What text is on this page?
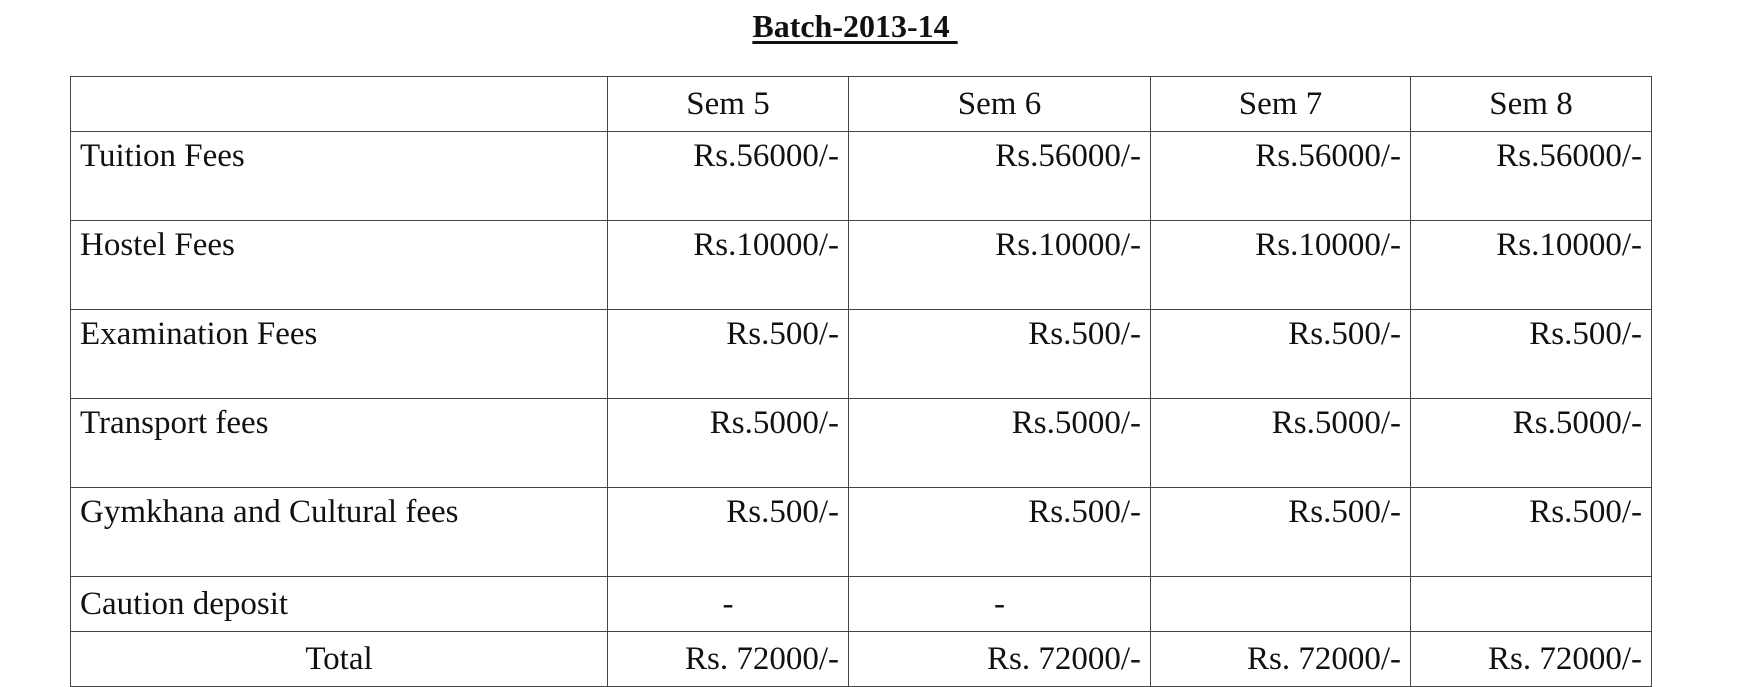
Batch-2013-14
	Sem 5	Sem 6	Sem 7	Sem 8
Tuition Fees	Rs.56000/-	Rs.56000/-	Rs.56000/-	Rs.56000/-
Hostel Fees	Rs.10000/-	Rs.10000/-	Rs.10000/-	Rs.10000/-
Examination Fees	Rs.500/-	Rs.500/-	Rs.500/-	Rs.500/-
Transport fees	Rs.5000/-	Rs.5000/-	Rs.5000/-	Rs.5000/-
Gymkhana and Cultural fees	Rs.500/-	Rs.500/-	Rs.500/-	Rs.500/-
Caution deposit	-	-		
Total	Rs. 72000/-	Rs. 72000/-	Rs. 72000/-	Rs. 72000/-
